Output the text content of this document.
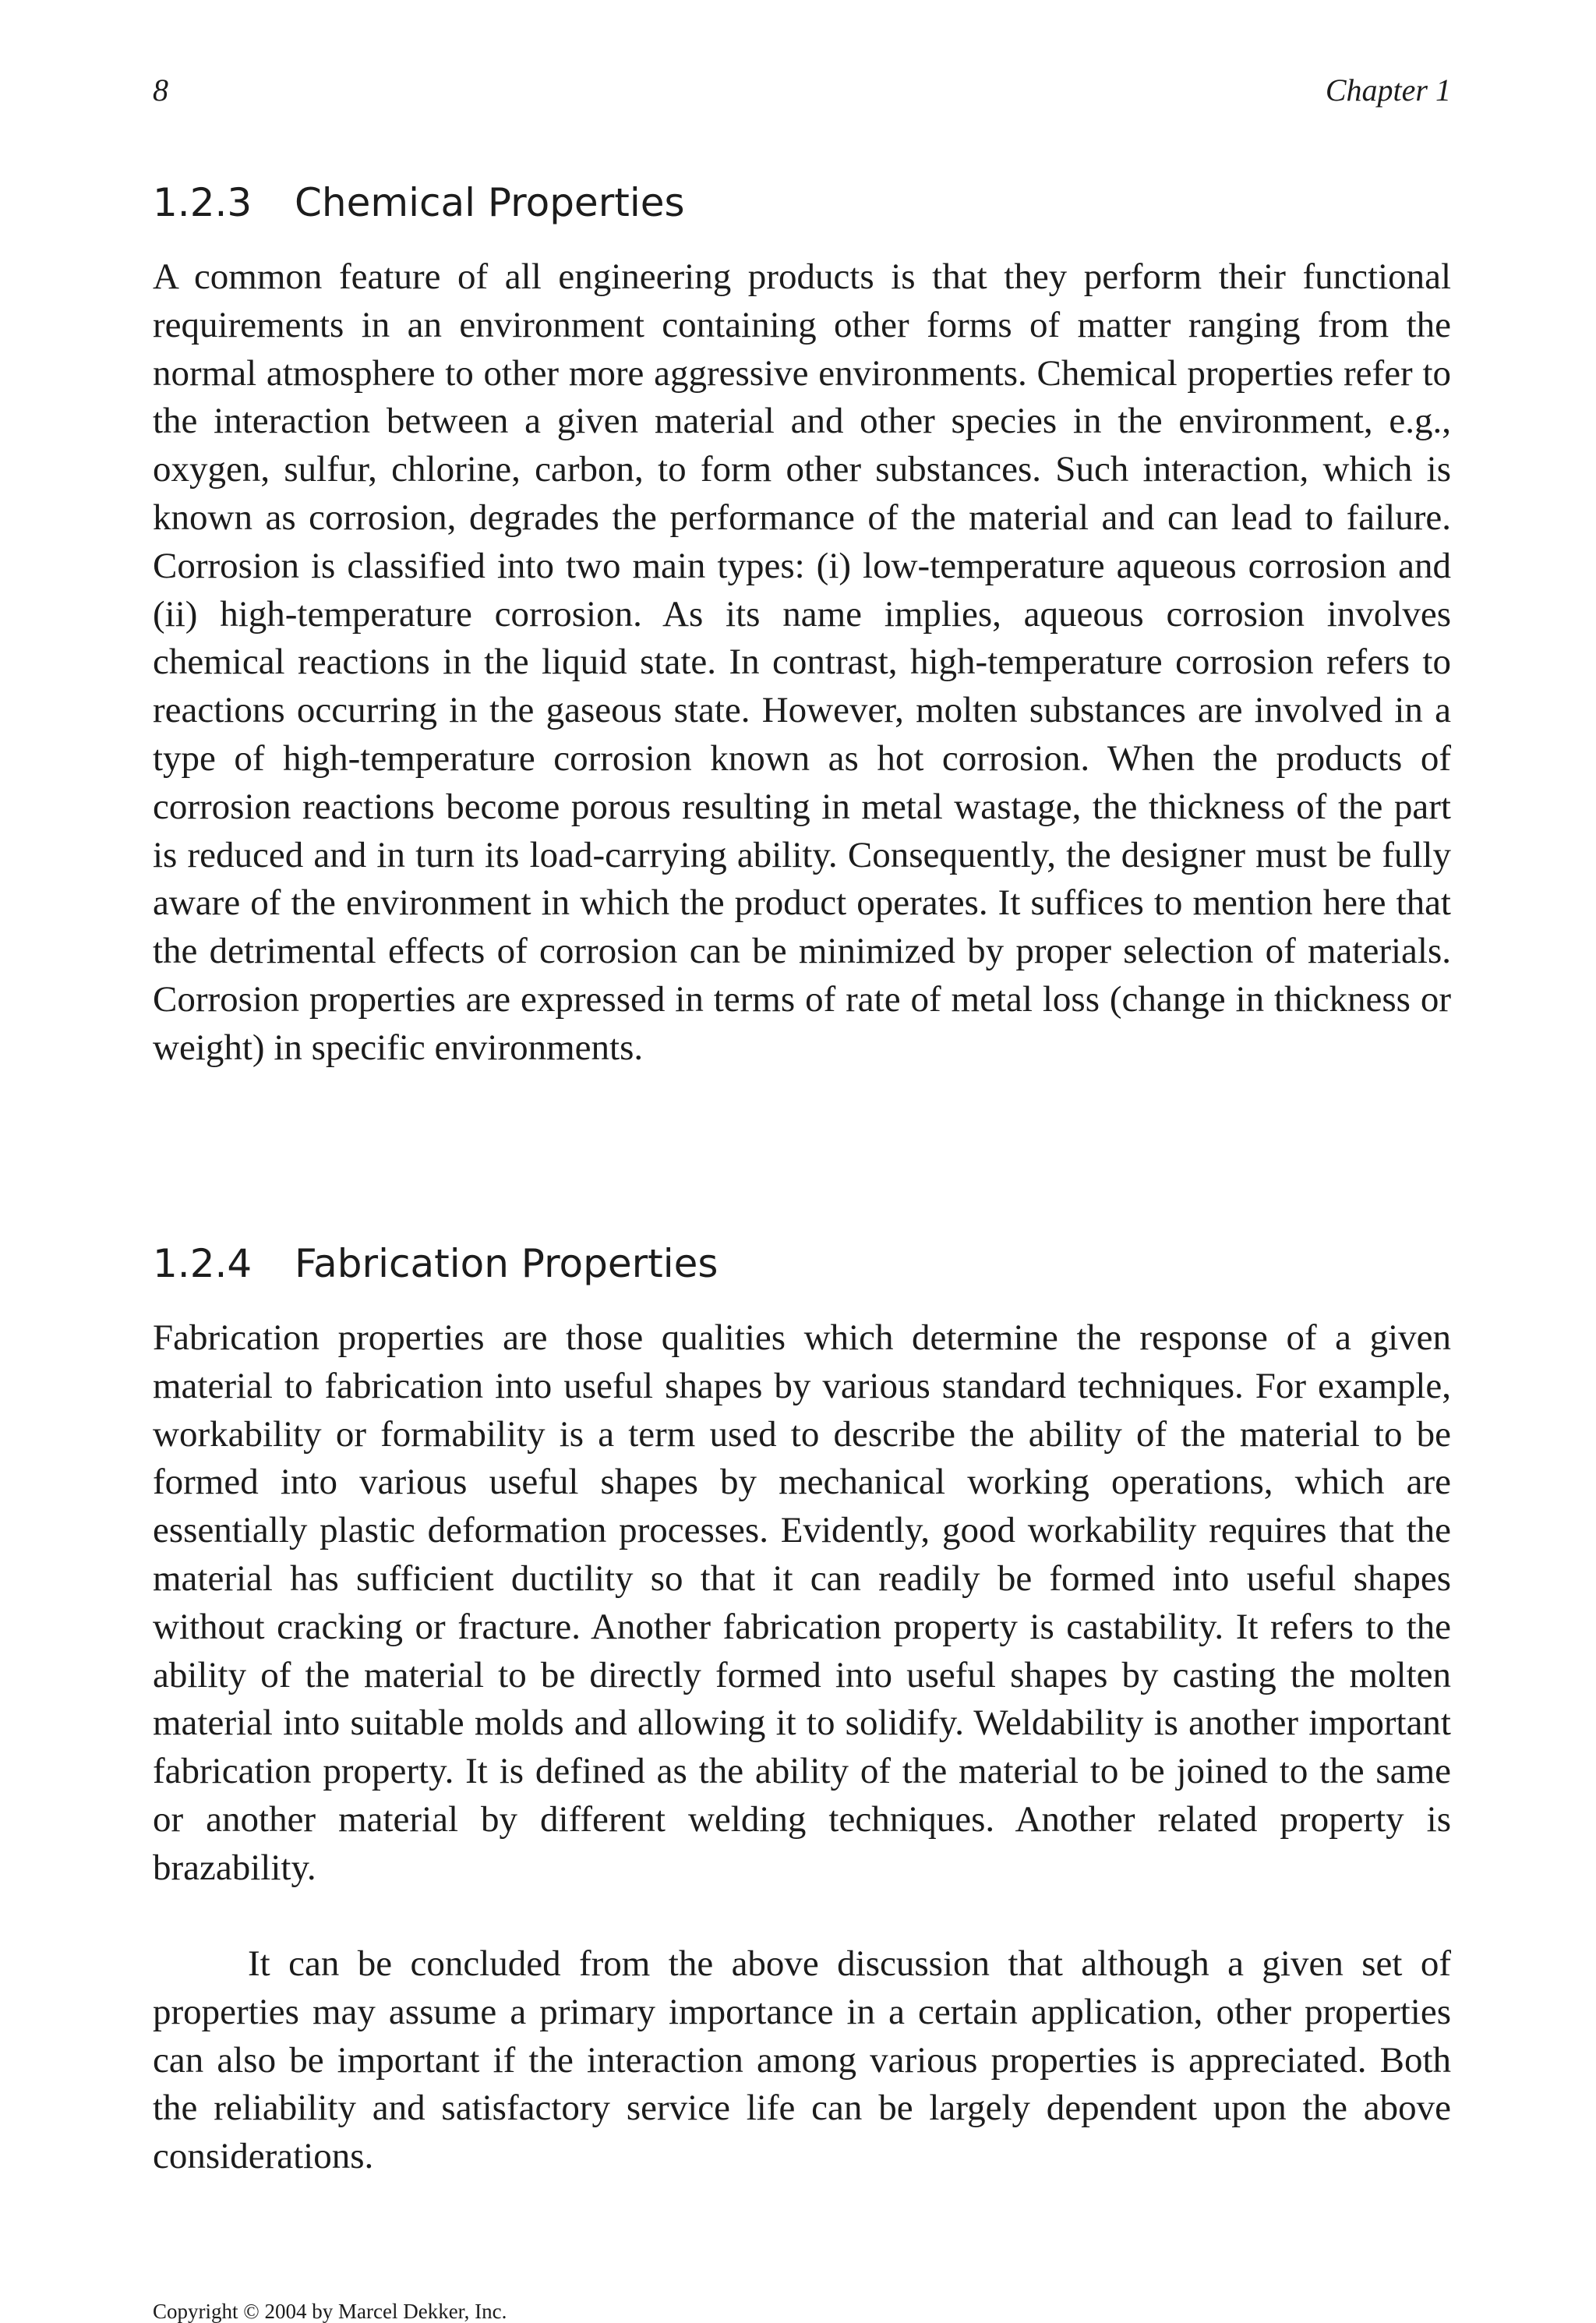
8	Chapter 1
1.2.3 Chemical Properties

A common feature of all engineering products is that they perform their functional requirements in an environment containing other forms of matter ranging from the normal atmosphere to other more aggressive environments. Chemical properties refer to the interaction between a given material and other species in the environment, e.g., oxygen, sulfur, chlorine, carbon, to form other substances. Such interaction, which is known as corrosion, degrades the performance of the material and can lead to failure. Corrosion is classified into two main types: (i) low-temperature aqueous corrosion and (ii) high-temperature corrosion. As its name implies, aqueous corrosion involves chemical reactions in the liquid state. In contrast, high-temperature corrosion refers to reactions occurring in the gaseous state. However, molten substances are involved in a type of high-temperature corrosion known as hot corrosion. When the products of corrosion reactions become porous resulting in metal wastage, the thickness of the part is reduced and in turn its load-carrying ability. Consequently, the designer must be fully aware of the environment in which the product operates. It suffices to mention here that the detrimental effects of corrosion can be minimized by proper selection of materials. Corrosion properties are expressed in terms of rate of metal loss (change in thickness or weight) in specific environments.

1.2.4 Fabrication Properties

Fabrication properties are those qualities which determine the response of a given material to fabrication into useful shapes by various standard techniques. For example, workability or formability is a term used to describe the ability of the material to be formed into various useful shapes by mechanical working operations, which are essentially plastic deformation processes. Evidently, good workability requires that the material has sufficient ductility so that it can readily be formed into useful shapes without cracking or fracture. Another fabrication property is castability. It refers to the ability of the material to be directly formed into useful shapes by casting the molten material into suitable molds and allowing it to solidify. Weldability is another important fabrication property. It is defined as the ability of the material to be joined to the same or another material by different welding techniques. Another related property is brazability.

It can be concluded from the above discussion that although a given set of properties may assume a primary importance in a certain application, other properties can also be important if the interaction among various properties is appreciated. Both the reliability and satisfactory service life can be largely dependent upon the above considerations.

Copyright © 2004 by Marcel Dekker, Inc.
